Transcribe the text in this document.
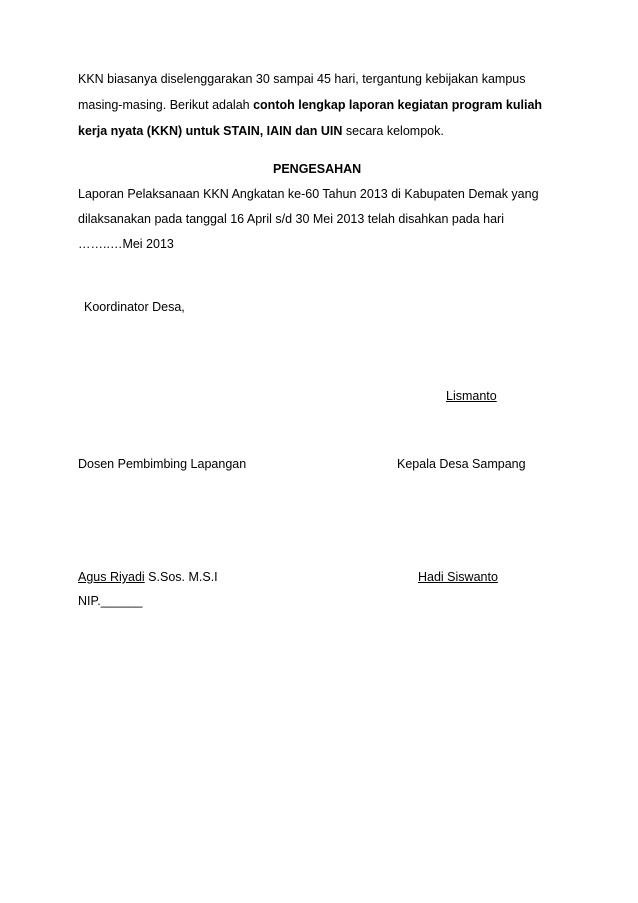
KKN biasanya diselenggarakan 30 sampai 45 hari, tergantung kebijakan kampus
masing-masing. Berikut adalah contoh lengkap laporan kegiatan program kuliah
kerja nyata (KKN) untuk STAIN, IAIN dan UIN secara kelompok.
PENGESAHAN
Laporan Pelaksanaan KKN Angkatan ke-60 Tahun 2013 di Kabupaten Demak yang
dilaksanakan pada tanggal 16 April s/d 30 Mei 2013 telah disahkan pada hari
……..…Mei 2013
Koordinator Desa,
Lismanto
Dosen Pembimbing Lapangan	Kepala Desa Sampang
Agus Riyadi S.Sos. M.S.I	Hadi Siswanto
NIP.______
